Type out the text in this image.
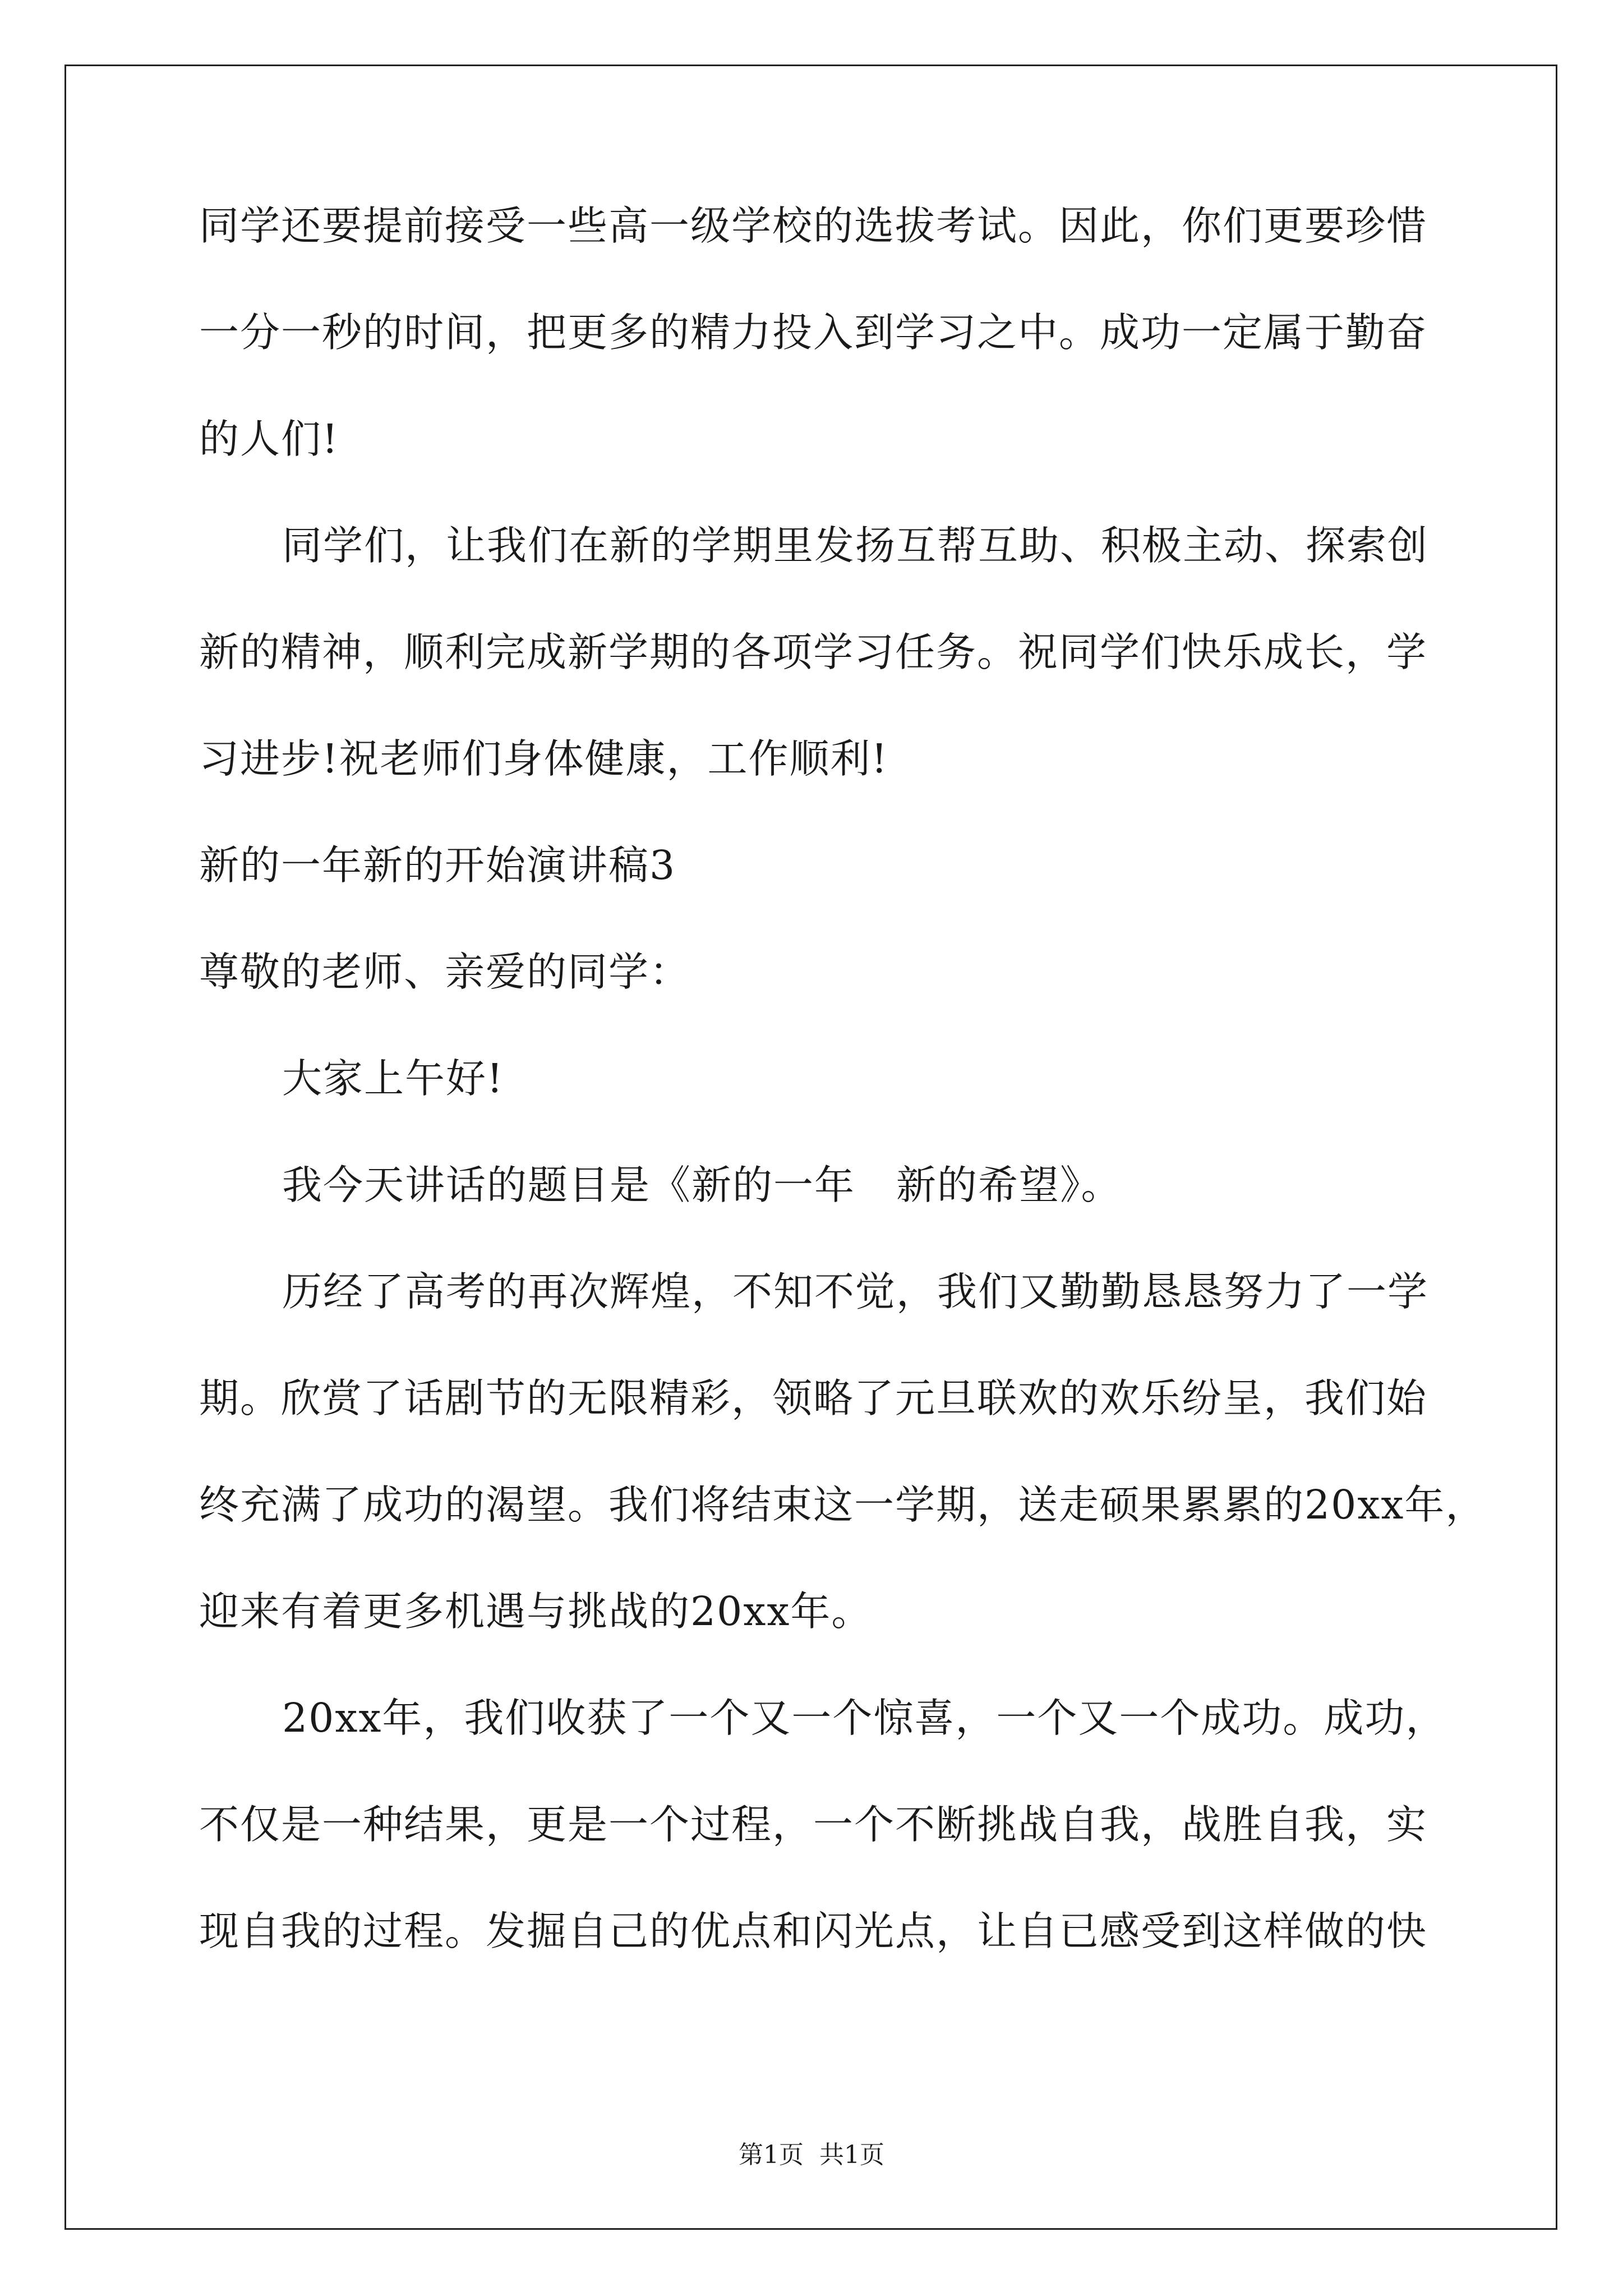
同学还要提前接受一些高一级学校的选拔考试。因此，你们更要珍惜
一分一秒的时间，把更多的精力投入到学习之中。成功一定属于勤奋
的人们!
同学们，让我们在新的学期里发扬互帮互助、积极主动、探索创
新的精神，顺利完成新学期的各项学习任务。祝同学们快乐成长，学
习进步!祝老师们身体健康，工作顺利!
新的一年新的开始演讲稿3
尊敬的老师、亲爱的同学：
大家上午好!
我今天讲话的题目是《新的一年　新的希望》。
历经了高考的再次辉煌，不知不觉，我们又勤勤恳恳努力了一学
期。欣赏了话剧节的无限精彩，领略了元旦联欢的欢乐纷呈，我们始
终充满了成功的渴望。我们将结束这一学期，送走硕果累累的20xx年，
迎来有着更多机遇与挑战的20xx年。
20xx年，我们收获了一个又一个惊喜，一个又一个成功。成功，
不仅是一种结果，更是一个过程，一个不断挑战自我，战胜自我，实
现自我的过程。发掘自己的优点和闪光点，让自已感受到这样做的快
第1页 共1页
